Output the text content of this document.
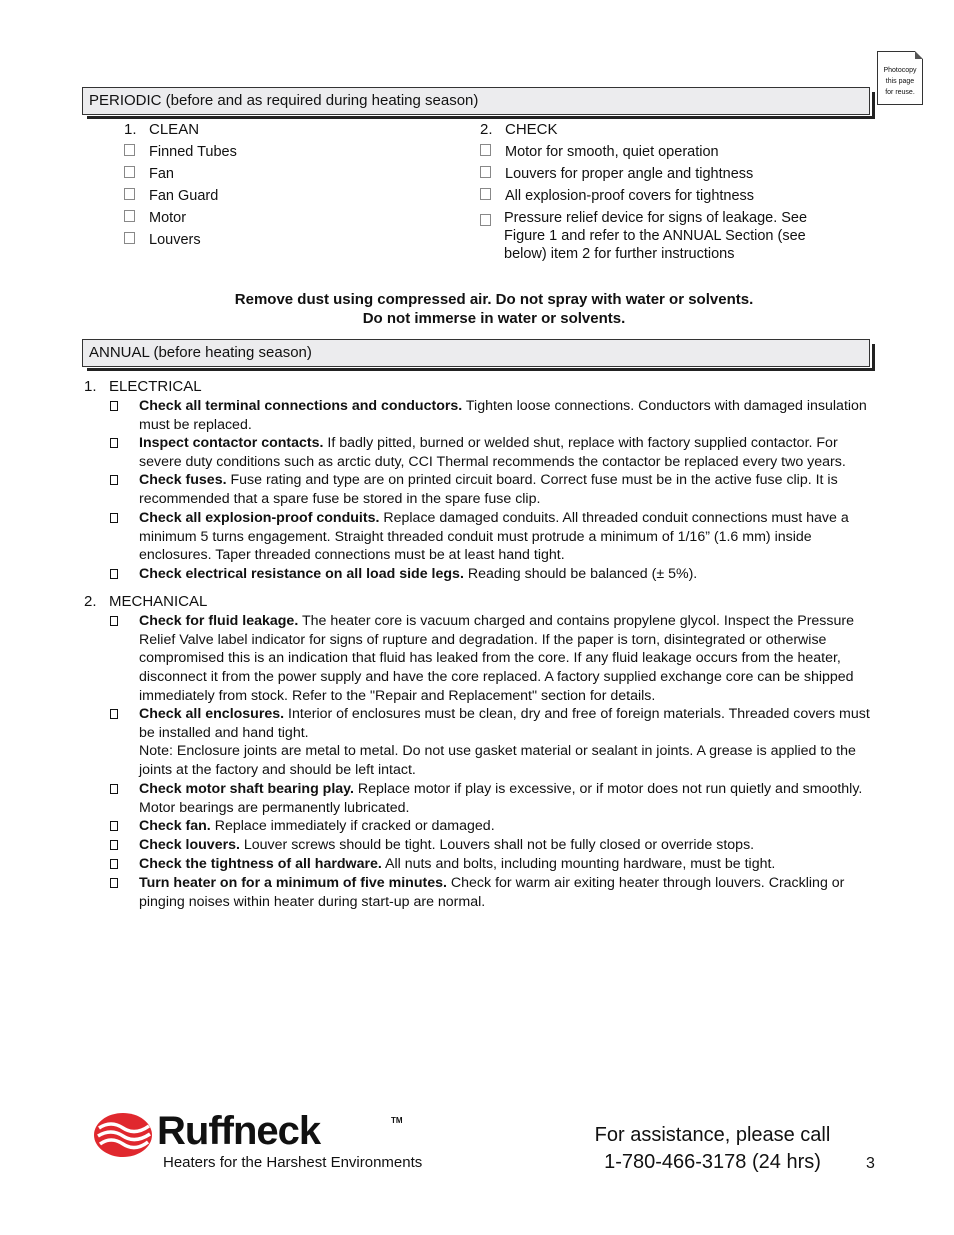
Photocopy
this page
for reuse.
PERIODIC (before and as required during heating season)
1.   CLEAN
Finned Tubes
Fan
Fan Guard
Motor
Louvers
2.   CHECK
Motor for smooth, quiet operation
Louvers for proper angle and tightness
All explosion-proof covers for tightness
Pressure relief device for signs of leakage. See Figure 1 and refer to the ANNUAL Section (see below) item 2 for further instructions
Remove dust using compressed air. Do not spray with water or solvents.
Do not immerse in water or solvents.
ANNUAL (before heating season)
1.   ELECTRICAL
Check all terminal connections and conductors. Tighten loose connections. Conductors with damaged insulation must be replaced.
Inspect contactor contacts. If badly pitted, burned or welded shut, replace with factory supplied contactor. For severe duty conditions such as arctic duty, CCI Thermal recommends the contactor be replaced every two years.
Check fuses. Fuse rating and type are on printed circuit board. Correct fuse must be in the active fuse clip. It is recommended that a spare fuse be stored in the spare fuse clip.
Check all explosion-proof conduits. Replace damaged conduits. All threaded conduit connections must have a minimum 5 turns engagement. Straight threaded conduit must protrude a minimum of 1/16” (1.6 mm) inside enclosures. Taper threaded connections must be at least hand tight.
Check electrical resistance on all load side legs. Reading should be balanced (± 5%).
2.   MECHANICAL
Check for fluid leakage. The heater core is vacuum charged and contains propylene glycol. Inspect the Pressure Relief Valve label indicator for signs of rupture and degradation. If the paper is torn, disintegrated or otherwise compromised this is an indication that fluid has leaked from the core. If any fluid leakage occurs from the heater, disconnect it from the power supply and have the core replaced. A factory supplied exchange core can be shipped immediately from stock. Refer to the "Repair and Replacement" section for details.
Check all enclosures. Interior of enclosures must be clean, dry and free of foreign materials. Threaded covers must be installed and hand tight.
Note: Enclosure joints are metal to metal. Do not use gasket material or sealant in joints. A grease is applied to the joints at the factory and should be left intact.
Check motor shaft bearing play. Replace motor if play is excessive, or if motor does not run quietly and smoothly. Motor bearings are permanently lubricated.
Check fan. Replace immediately if cracked or damaged.
Check louvers. Louver screws should be tight. Louvers shall not be fully closed or override stops.
Check the tightness of all hardware. All nuts and bolts, including mounting hardware, must be tight.
Turn heater on for a minimum of five minutes. Check for warm air exiting heater through louvers. Crackling or pinging noises within heater during start-up are normal.
Ruffneck	TM
Heaters for the Harshest Environments
For assistance, please call
1-780-466-3178 (24 hrs)	3
